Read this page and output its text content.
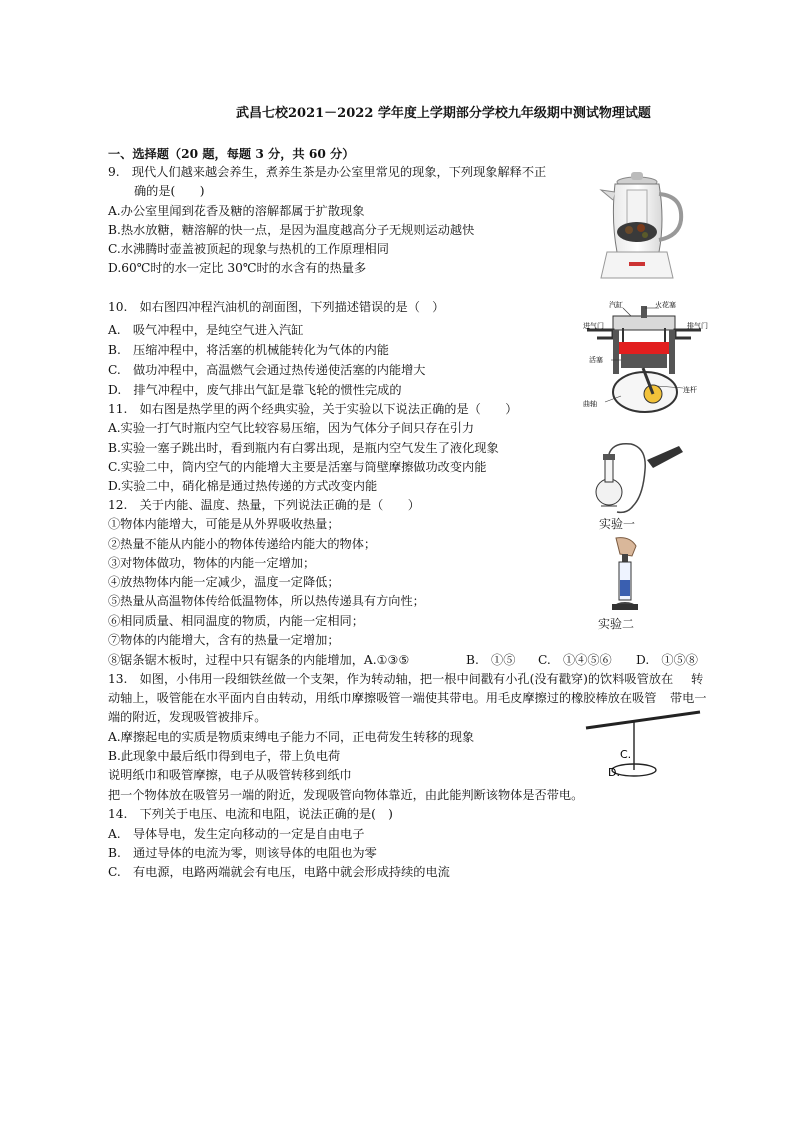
武昌七校2021－2022 学年度上学期部分学校九年级期中测试物理试题
一、选择题（20 题，每题 3 分，共 60 分）
9.　现代人们越来越会养生，煮养生茶是办公室里常见的现象，下列现象解释不正
确的是(　　)
A.办公室里闻到花香及糖的溶解都属于扩散现象
B.热水放糖，糖溶解的快一点，是因为温度越高分子无规则运动越快
C.水沸腾时壶盖被顶起的现象与热机的工作原理相同
D.60℃时的水一定比 30℃时的水含有的热量多
10.　如右图四冲程汽油机的剖面图，下列描述错误的是（　）
A.　吸气冲程中，是纯空气进入汽缸
B.　压缩冲程中，将活塞的机械能转化为气体的内能
C.　做功冲程中，高温燃气会通过热传递使活塞的内能增大
D.　排气冲程中，废气排出气缸是靠飞轮的惯性完成的
汽缸	火花塞
进气门	排气门
活塞
连杆
曲轴
11.　如右图是热学里的两个经典实验，关于实验以下说法正确的是（　　）
A.实验一打气时瓶内空气比较容易压缩，因为气体分子间只存在引力
B.实验一塞子跳出时，看到瓶内有白雾出现，是瓶内空气发生了液化现象
C.实验二中，筒内空气的内能增大主要是活塞与筒壁摩擦做功改变内能
D.实验二中，硝化棉是通过热传递的方式改变内能
实验一
12.　关于内能、温度、热量，下列说法正确的是（　　）
①物体内能增大，可能是从外界吸收热量；
②热量不能从内能小的物体传递给内能大的物体；
③对物体做功，物体的内能一定增加；
④放热物体内能一定减少，温度一定降低；
⑤热量从高温物体传给低温物体，所以热传递具有方向性；
⑥相同质量、相同温度的物质，内能一定相同；
⑦物体的内能增大，含有的热量一定增加；
⑧锯条锯木板时，过程中只有锯条的内能增加，A.①③⑤	B.　①⑤ C.　①④⑤⑥ D.　①⑤⑧
实验二
13.　如图，小伟用一段细铁丝做一个支架，作为转动轴，把一根中间戳有小孔(没有戳穿)的饮料吸管放在 转
动轴上，吸管能在水平面内自由转动，用纸巾摩擦吸管一端使其带电。用毛皮摩擦过的橡胶棒放在吸管 带电一
端的附近，发现吸管被排斥。
A.摩擦起电的实质是物质束缚电子能力不同，正电荷发生转移的现象
B.此现象中最后纸巾得到电子，带上负电荷
说明纸巾和吸管摩擦，电子从吸管转移到纸巾
把一个物体放在吸管另一端的附近，发现吸管向物体靠近，由此能判断该物体是否带电。
C.
D.
14.　下列关于电压、电流和电阻，说法正确的是(　)
A.　导体导电，发生定向移动的一定是自由电子
B.　通过导体的电流为零，则该导体的电阻也为零
C.　有电源，电路两端就会有电压，电路中就会形成持续的电流
